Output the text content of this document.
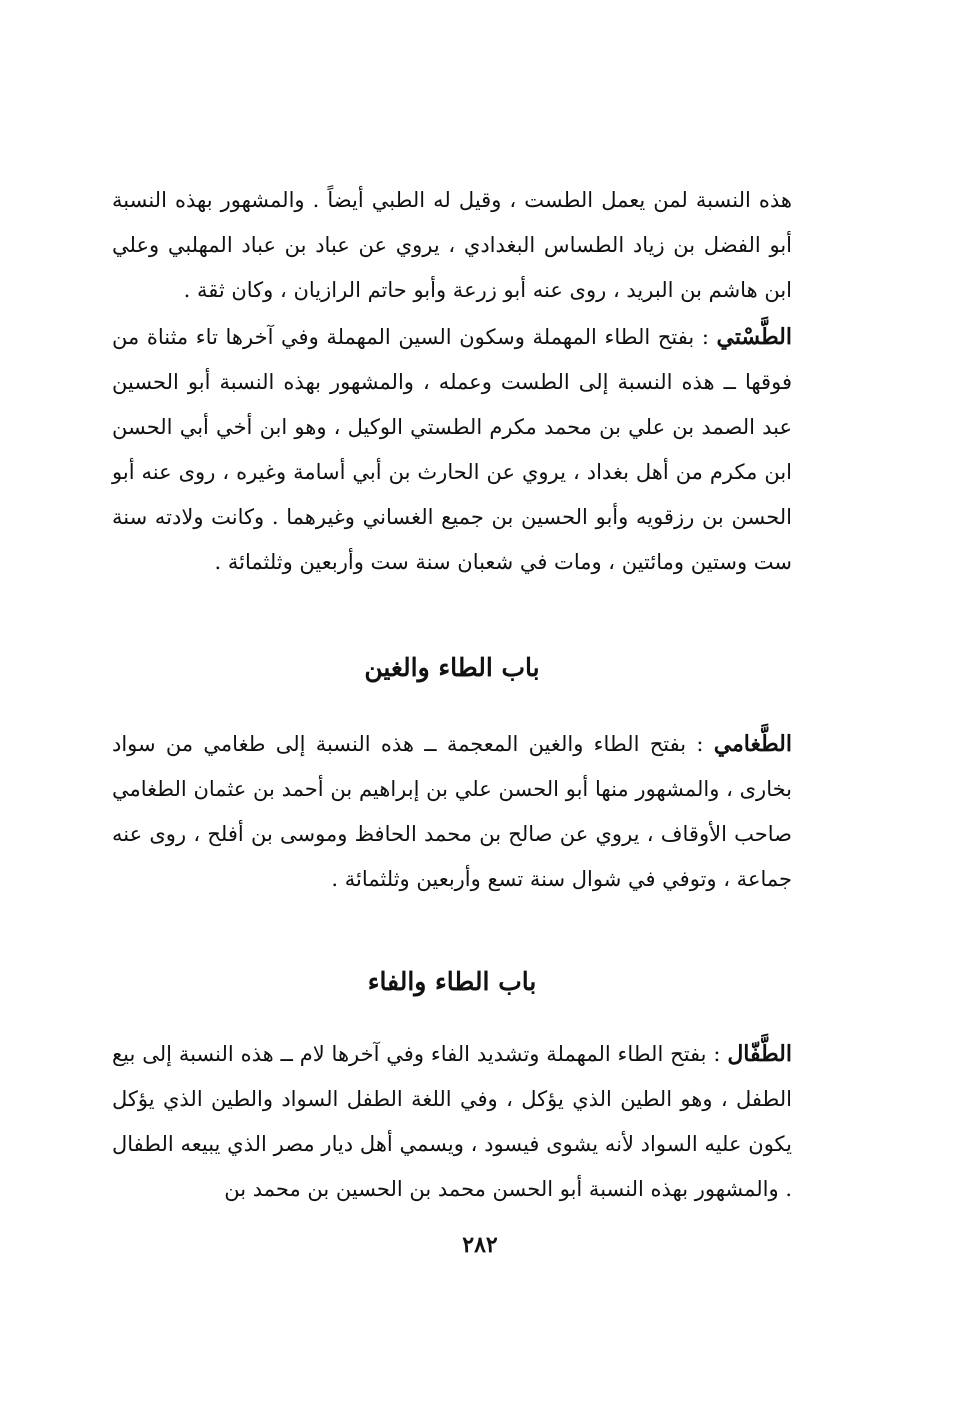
هذه النسبة لمن يعمل الطست ، وقيل له الطبي أيضاً . والمشهور بهذه النسبة أبو الفضل بن زياد الطساس البغدادي ، يروي عن عباد بن عباد المهلبي وعلي ابن هاشم بن البريد ، روى عنه أبو زرعة وأبو حاتم الرازيان ، وكان ثقة .

الطَّسْتي : بفتح الطاء المهملة وسكون السين المهملة وفي آخرها تاء مثناة من فوقها ــ هذه النسبة إلى الطست وعمله ، والمشهور بهذه النسبة أبو الحسين عبد الصمد بن علي بن محمد مكرم الطستي الوكيل ، وهو ابن أخي أبي الحسن ابن مكرم من أهل بغداد ، يروي عن الحارث بن أبي أسامة وغيره ، روى عنه أبو الحسن بن رزقويه وأبو الحسين بن جميع الغساني وغيرهما . وكانت ولادته سنة ست وستين ومائتين ، ومات في شعبان سنة ست وأربعين وثلثمائة .

باب الطاء والغين

الطَّغامي : بفتح الطاء والغين المعجمة ــ هذه النسبة إلى طغامي من سواد بخارى ، والمشهور منها أبو الحسن علي بن إبراهيم بن أحمد بن عثمان الطغامي صاحب الأوقاف ، يروي عن صالح بن محمد الحافظ وموسى بن أفلح ، روى عنه جماعة ، وتوفي في شوال سنة تسع وأربعين وثلثمائة .

باب الطاء والفاء

الطَّفّال : بفتح الطاء المهملة وتشديد الفاء وفي آخرها لام ــ هذه النسبة إلى بيع الطفل ، وهو الطين الذي يؤكل ، وفي اللغة الطفل السواد والطين الذي يؤكل يكون عليه السواد لأنه يشوى فيسود ، ويسمي أهل ديار مصر الذي يبيعه الطفال . والمشهور بهذه النسبة أبو الحسن محمد بن الحسين بن محمد بن

٢٨٢
